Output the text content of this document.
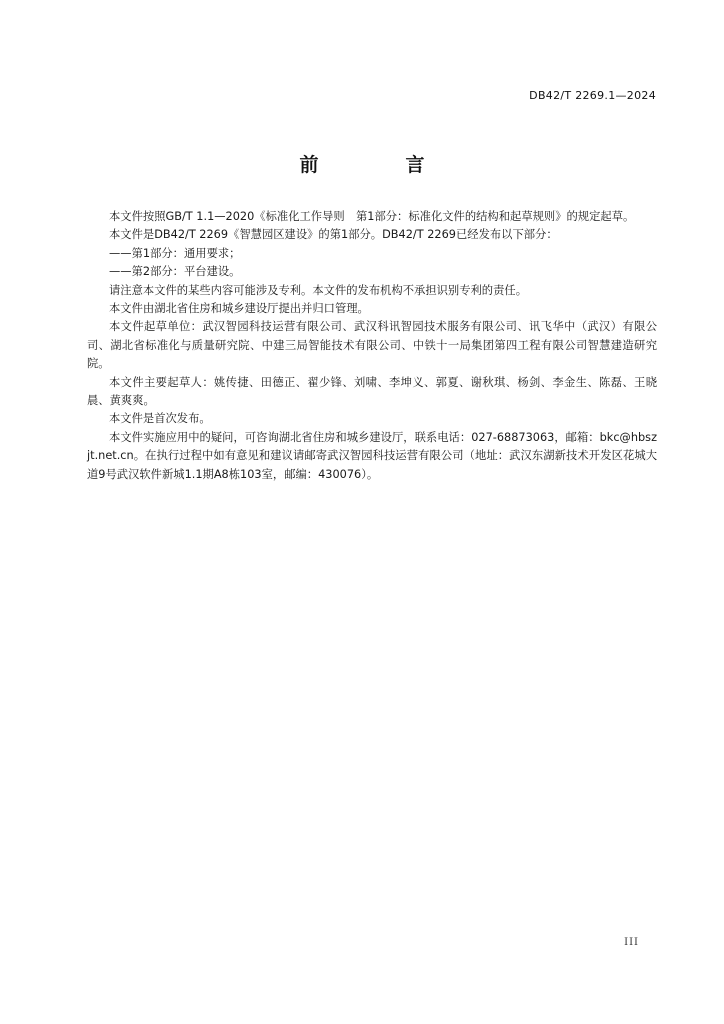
DB42/T 2269.1—2024
前　言

本文件按照GB/T 1.1—2020《标准化工作导则　第1部分：标准化文件的结构和起草规则》的规定起草。

本文件是DB42/T 2269《智慧园区建设》的第1部分。DB42/T 2269已经发布以下部分：

——第1部分：通用要求；

——第2部分：平台建设。

请注意本文件的某些内容可能涉及专利。本文件的发布机构不承担识别专利的责任。

本文件由湖北省住房和城乡建设厅提出并归口管理。

本文件起草单位：武汉智园科技运营有限公司、武汉科讯智园技术服务有限公司、讯飞华中（武汉）有限公司、湖北省标准化与质量研究院、中建三局智能技术有限公司、中铁十一局集团第四工程有限公司智慧建造研究院。

本文件主要起草人：姚传捷、田德正、翟少锋、刘啸、李坤义、郭夏、谢秋琪、杨剑、李金生、陈磊、王晓晨、黄爽爽。

本文件是首次发布。

本文件实施应用中的疑问，可咨询湖北省住房和城乡建设厅，联系电话：027-68873063，邮箱：bkc@hbszjt.net.cn。在执行过程中如有意见和建议请邮寄武汉智园科技运营有限公司（地址：武汉东湖新技术开发区花城大道9号武汉软件新城1.1期A8栋103室，邮编：430076）。

III
